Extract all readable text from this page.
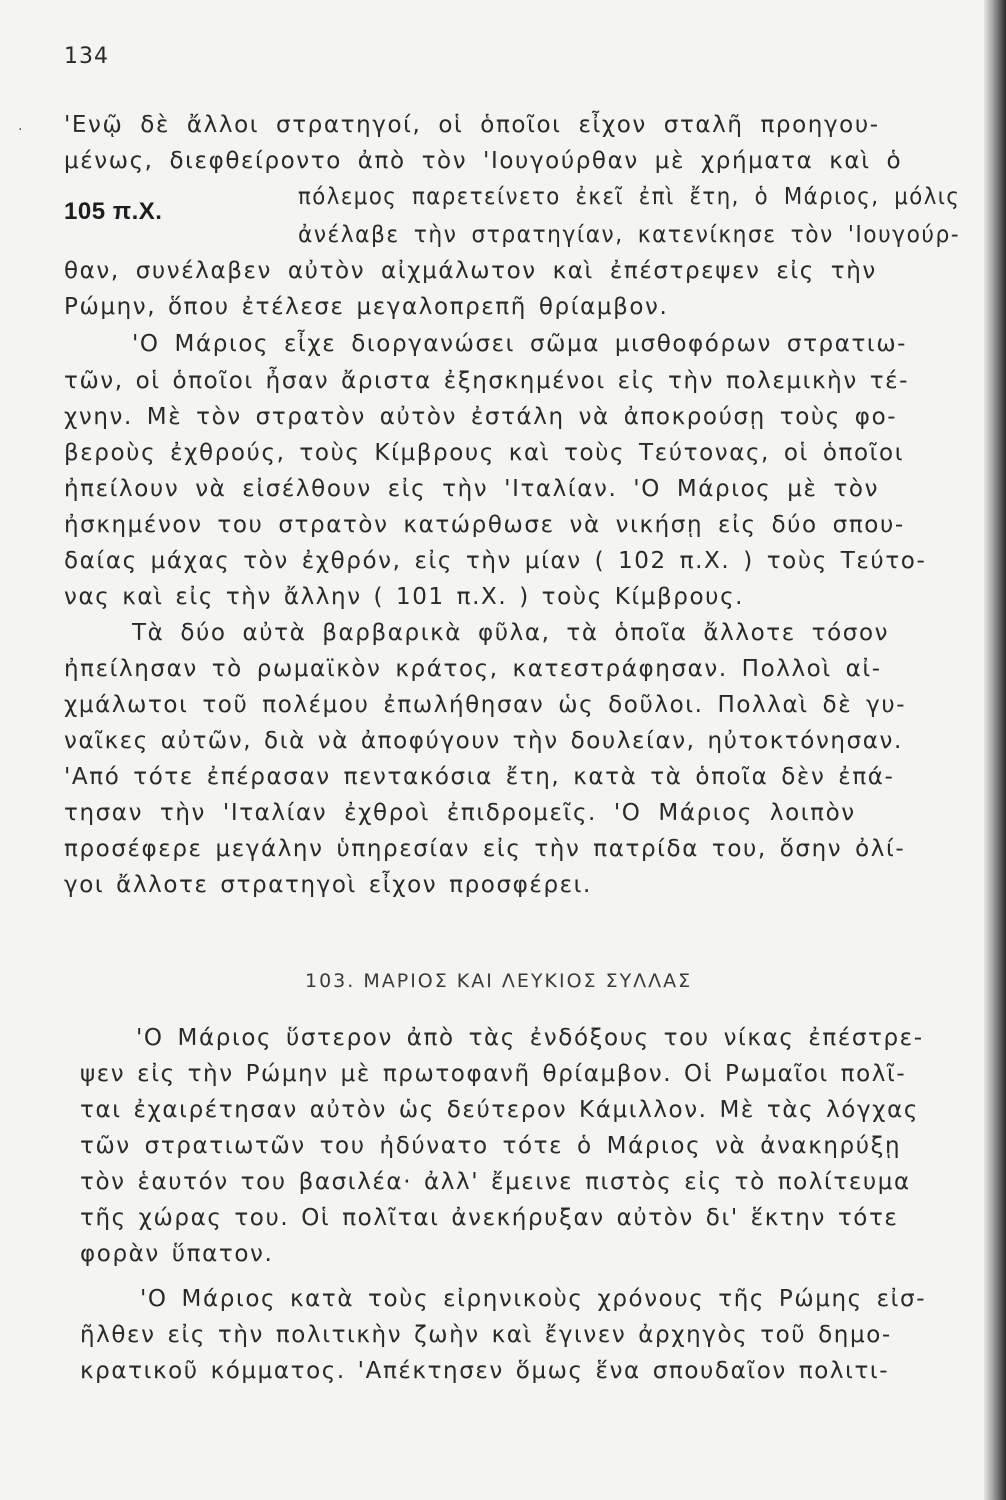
134
. 'Ενῷ δὲ ἄλλοι στρατηγοί, οἱ ὁποῖοι εἶχον σταλῆ προηγου-
μένως, διεφθείροντο ἀπὸ τὸν 'Ιουγούρθαν μὲ χρήματα καὶ ὁ
πόλεμος παρετείνετο ἐκεῖ ἐπὶ ἔτη, ὁ Μάριος, μόλις
ἀνέλαβε τὴν στρατηγίαν, κατενίκησε τὸν 'Ιουγούρ-
θαν, συνέλαβεν αὐτὸν αἰχμάλωτον καὶ ἐπέστρεψεν εἰς τὴν
Ρώμην, ὅπου ἐτέλεσε μεγαλοπρεπῆ θρίαμβον.
105 π.Χ.
'Ο Μάριος εἶχε διοργανώσει σῶμα μισθοφόρων στρατιω-
τῶν, οἱ ὁποῖοι ἦσαν ἄριστα ἐξησκημένοι εἰς τὴν πολεμικὴν τέ-
χνην. Μὲ τὸν στρατὸν αὐτὸν ἐστάλη νὰ ἀποκρούσῃ τοὺς φο-
βεροὺς ἐχθρούς, τοὺς Κίμβρους καὶ τοὺς Τεύτονας, οἱ ὁποῖοι
ἠπείλουν νὰ εἰσέλθουν εἰς τὴν 'Ιταλίαν. 'Ο Μάριος μὲ τὸν
ἠσκημένον του στρατὸν κατώρθωσε νὰ νικήσῃ εἰς δύο σπου-
δαίας μάχας τὸν ἐχθρόν, εἰς τὴν μίαν ( 102 π.Χ. ) τοὺς Τεύτο-
νας καὶ εἰς τὴν ἄλλην ( 101 π.Χ. ) τοὺς Κίμβρους.
Τὰ δύο αὐτὰ βαρβαρικὰ φῦλα, τὰ ὁποῖα ἄλλοτε τόσον
ἠπείλησαν τὸ ρωμαϊκὸν κράτος, κατεστράφησαν. Πολλοὶ αἰ-
χμάλωτοι τοῦ πολέμου ἐπωλήθησαν ὡς δοῦλοι. Πολλαὶ δὲ γυ-
ναῖκες αὐτῶν, διὰ νὰ ἀποφύγουν τὴν δουλείαν, ηὐτοκτόνησαν.
'Από τότε ἐπέρασαν πεντακόσια ἔτη, κατὰ τὰ ὁποῖα δὲν ἐπά-
τησαν τὴν 'Ιταλίαν ἐχθροὶ ἐπιδρομεῖς. 'Ο Μάριος λοιπὸν
προσέφερε μεγάλην ὑπηρεσίαν εἰς τὴν πατρίδα του, ὅσην ὀλί-
γοι ἄλλοτε στρατηγοὶ εἶχον προσφέρει.
103. ΜΑΡΙΟΣ ΚΑΙ ΛΕΥΚΙΟΣ ΣΥΛΛΑΣ
'Ο Μάριος ὕστερον ἀπὸ τὰς ἐνδόξους του νίκας ἐπέστρε-
ψεν εἰς τὴν Ρώμην μὲ πρωτοφανῆ θρίαμβον. Οἱ Ρωμαῖοι πολῖ-
ται ἐχαιρέτησαν αὐτὸν ὡς δεύτερον Κάμιλλον. Μὲ τὰς λόγχας
τῶν στρατιωτῶν του ἠδύνατο τότε ὁ Μάριος νὰ ἀνακηρύξῃ
τὸν ἑαυτόν του βασιλέα· ἀλλ' ἔμεινε πιστὸς εἰς τὸ πολίτευμα
τῆς χώρας του. Οἱ πολῖται ἀνεκήρυξαν αὐτὸν δι' ἕκτην τότε
φορὰν ὕπατον.
'Ο Μάριος κατὰ τοὺς εἰρηνικοὺς χρόνους τῆς Ρώμης εἰσ-
ῆλθεν εἰς τὴν πολιτικὴν ζωὴν καὶ ἔγινεν ἀρχηγὸς τοῦ δημο-
κρατικοῦ κόμματος. 'Απέκτησεν ὅμως ἕνα σπουδαῖον πολιτι-
